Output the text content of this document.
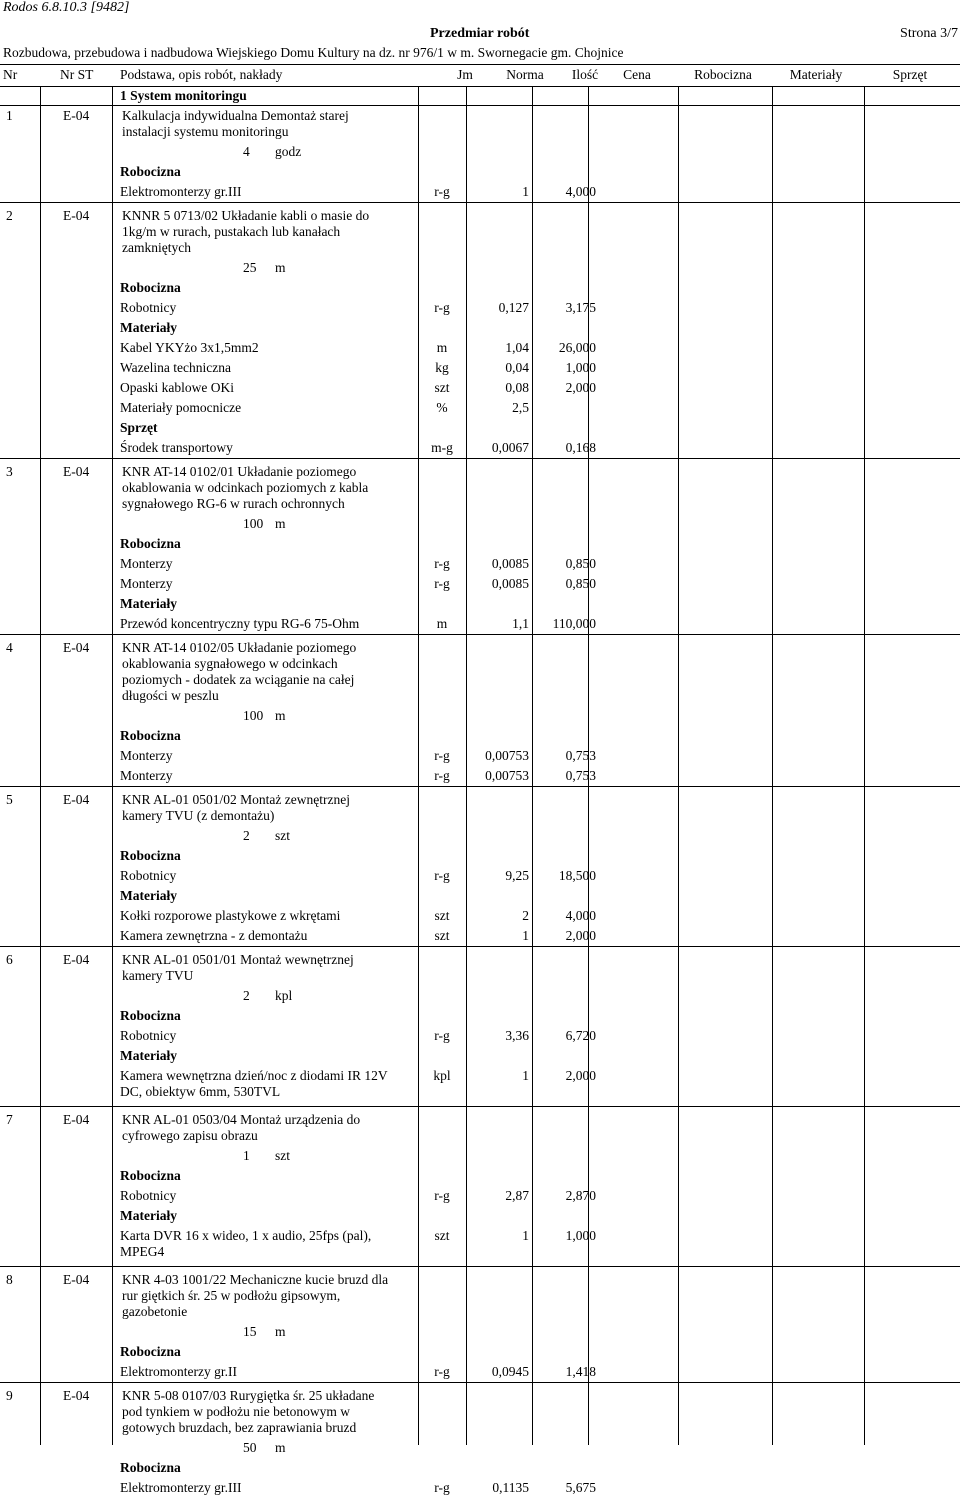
Rodos 6.8.10.3 [9482]
Przedmiar robót	Strona 3/7
Rozbudowa, przebudowa i nadbudowa Wiejskiego Domu Kultury na dz. nr 976/1 w m. Swornegacie gm. Chojnice
Nr	Nr ST Podstawa, opis robót, nakłady	Jm Norma Ilość Cena	Robocizna	Materiały	Sprzęt
1 System monitoringu
1	E-04 Kalkulacja indywidualna Demontaż starej
instalacji systemu monitoringu
4 godz
Robocizna
Elektromonterzy gr.III	r-g	1	4,000
2	E-04 KNNR 5 0713/02 Układanie kabli o masie do
1kg/m w rurach, pustakach lub kanałach
zamkniętych
25 m
Robocizna
Robotnicy	r-g	0,127	3,175
Materiały
Kabel YKYżo 3x1,5mm2	m	1,04 26,000
Wazelina techniczna	kg	0,04	1,000
Opaski kablowe OKi	szt	0,08	2,000
Materiały pomocnicze	%	2,5
Sprzęt
Środek transportowy	m-g	0,0067	0,168
3	E-04 KNR AT-14 0102/01 Układanie poziomego
okablowania w odcinkach poziomych z kabla
sygnałowego RG-6 w rurach ochronnych
100 m
Robocizna
Monterzy	r-g	0,0085	0,850
Monterzy	r-g	0,0085	0,850
Materiały
Przewód koncentryczny typu RG-6 75-Ohm	m	1,1 110,000
4	E-04 KNR AT-14 0102/05 Układanie poziomego
okablowania sygnałowego w odcinkach
poziomych - dodatek za wciąganie na całej
długości w peszlu
100 m
Robocizna
Monterzy	r-g	0,00753	0,753
Monterzy	r-g	0,00753	0,753
5	E-04 KNR AL-01 0501/02 Montaż zewnętrznej
kamery TVU (z demontażu)
2 szt
Robocizna
Robotnicy	r-g	9,25 18,500
Materiały
Kołki rozporowe plastykowe z wkrętami	szt	2	4,000
Kamera zewnętrzna - z demontażu	szt	1	2,000
6	E-04 KNR AL-01 0501/01 Montaż wewnętrznej
kamery TVU
2 kpl
Robocizna
Robotnicy	r-g	3,36	6,720
Materiały
Kamera wewnętrzna dzień/noc z diodami IR 12V	kpl	1	2,000
DC, obiektyw 6mm, 530TVL
7	E-04 KNR AL-01 0503/04 Montaż urządzenia do
cyfrowego zapisu obrazu
1 szt
Robocizna
Robotnicy	r-g	2,87	2,870
Materiały
Karta DVR 16 x wideo, 1 x audio, 25fps (pal),	szt	1	1,000
MPEG4
8	E-04 KNR 4-03 1001/22 Mechaniczne kucie bruzd dla
rur giętkich śr. 25 w podłożu gipsowym,
gazobetonie
15 m
Robocizna
Elektromonterzy gr.II	r-g	0,0945	1,418
9	E-04 KNR 5-08 0107/03 Rurygiętka śr. 25 układane
pod tynkiem w podłożu nie betonowym w
gotowych bruzdach, bez zaprawiania bruzd
50 m
Robocizna
Elektromonterzy gr.III	r-g	0,1135	5,675
